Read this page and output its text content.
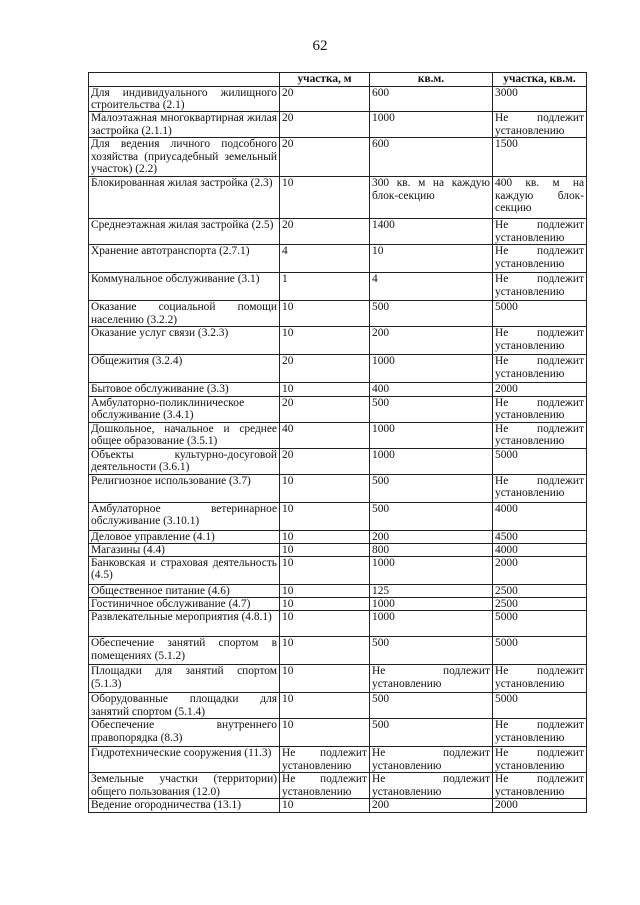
62
	участка, м	кв.м.	участка, кв.м.
Для индивидуального жилищного строительства (2.1)	20	600	3000
Малоэтажная многоквартирная жилая застройка (2.1.1)	20	1000	Не подлежит установлению
Для ведения личного подсобного хозяйства (приусадебный земельный участок) (2.2)	20	600	1500
Блокированная жилая застройка (2.3)	10	300 кв. м на каждую блок-секцию	400 кв. м на каждую блок-секцию
Среднеэтажная жилая застройка (2.5)	20	1400	Не подлежит установлению
Хранение автотранспорта (2.7.1)	4	10	Не подлежит установлению
Коммунальное обслуживание (3.1)	1	4	Не подлежит установлению
Оказание социальной помощи населению (3.2.2)	10	500	5000
Оказание услуг связи (3.2.3)	10	200	Не подлежит установлению
Общежития (3.2.4)	20	1000	Не подлежит установлению
Бытовое обслуживание (3.3)	10	400	2000
Амбулаторно-поликлиническое обслуживание (3.4.1)	20	500	Не подлежит установлению
Дошкольное, начальное и среднее общее образование (3.5.1)	40	1000	Не подлежит установлению
Объекты культурно-досуговой деятельности (3.6.1)	20	1000	5000
Религиозное использование (3.7)	10	500	Не подлежит установлению
Амбулаторное ветеринарное обслуживание (3.10.1)	10	500	4000
Деловое управление (4.1)	10	200	4500
Магазины (4.4)	10	800	4000
Банковская и страховая деятельность (4.5)	10	1000	2000
Общественное питание (4.6)	10	125	2500
Гостиничное обслуживание (4.7)	10	1000	2500
Развлекательные мероприятия (4.8.1)	10	1000	5000
Обеспечение занятий спортом в помещениях (5.1.2)	10	500	5000
Площадки для занятий спортом (5.1.3)	10	Не подлежит установлению	Не подлежит установлению
Оборудованные площадки для занятий спортом (5.1.4)	10	500	5000
Обеспечение внутреннего правопорядка (8.3)	10	500	Не подлежит установлению
Гидротехнические сооружения (11.3)	Не подлежит установлению	Не подлежит установлению	Не подлежит установлению
Земельные участки (территории) общего пользования (12.0)	Не подлежит установлению	Не подлежит установлению	Не подлежит установлению
Ведение огородничества (13.1)	10	200	2000
